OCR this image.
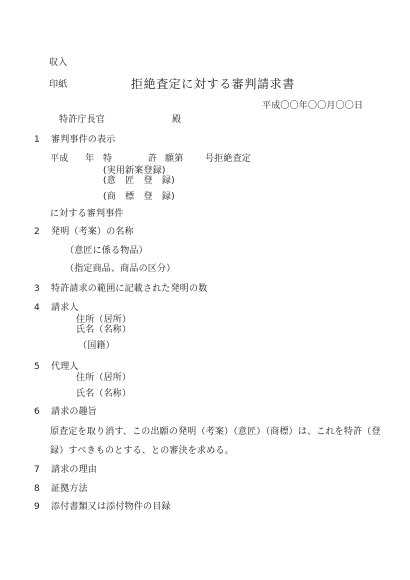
収入
印紙	拒絶査定に対する審判請求書
平成〇〇年〇〇月〇〇日
特許庁長官	殿
1 審判事件の表示
平成 年 特	許 願第 号拒絶査定
(実用新案登録)
(意　匠　登　録)
(商　標　登　録)
に対する審判事件
2 発明（考案）の名称
（意匠に係る物品）
（指定商品、商品の区分）
3 特許請求の範囲に記載された発明の数
4 請求人
住所（居所）
氏名（名称）
（国籍）
5 代理人
住所（居所）
氏名（名称）
6 請求の趣旨
原査定を取り消す、この出願の発明（考案）（意匠）（商標）は、これを特許（登
録）すべきものとする、との審決を求める。
7 請求の理由
8 証拠方法
9 添付書類又は添付物件の目録
